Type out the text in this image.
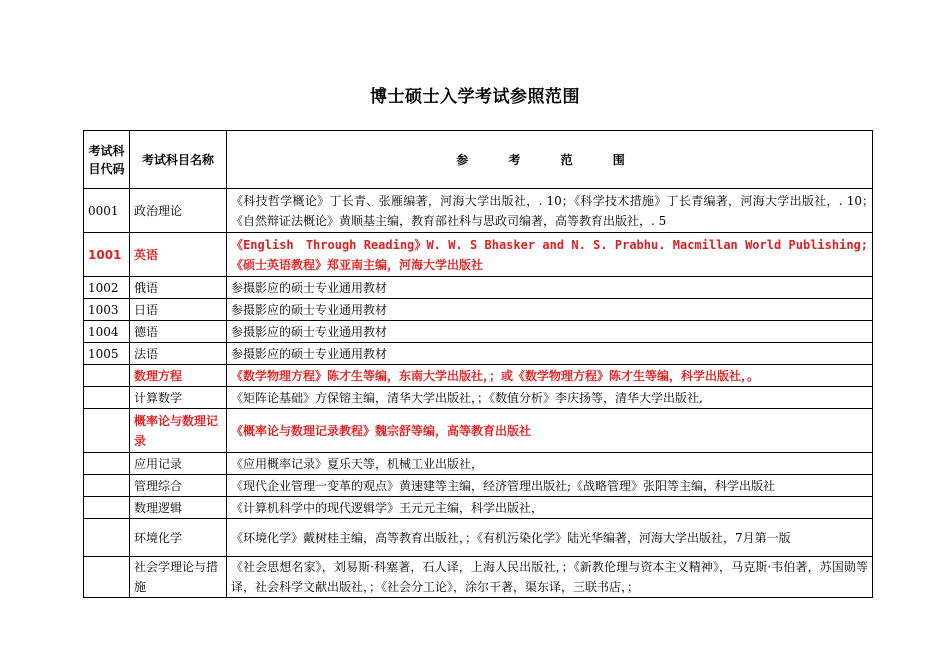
博士硕士入学考试参照范围
考试科目代码	考试科目名称	参 考 范 围
0001	政治理论	《科技哲学概论》丁长青、张雁编著，河海大学出版社，. 10；《科学技术措施》丁长青编著，河海大学出版社，. 10；　《自然辩证法概论》黄顺基主编，教育部社科与思政司编著，高等教育出版社，. 5
1001	英语	《English　Through Reading》W. W. S Bhasker and N. S. Prabhu. Macmillan World Publishing;《硕士英语教程》郑亚南主编，河海大学出版社
1002	俄语	参摄影应的硕士专业通用教材
1003	日语	参摄影应的硕士专业通用教材
1004	德语	参摄影应的硕士专业通用教材
1005	法语	参摄影应的硕士专业通用教材
	数理方程	《数学物理方程》陈才生等编，东南大学出版社，；或《数学物理方程》陈才生等编，科学出版社，。
	计算数学	《矩阵论基础》方保镕主编，清华大学出版社，；《数值分析》李庆扬等，清华大学出版社,
	概率论与数理记录	《概率论与数理记录教程》魏宗舒等编，高等教育出版社
	应用记录	《应用概率记录》夏乐天等，机械工业出版社，
	管理综合	《现代企业管理一变革的观点》黄速建等主编，经济管理出版社;《战略管理》张阳等主编，科学出版社
	数理逻辑	《计算机科学中的现代逻辑学》王元元主编，科学出版社，
	环境化学	《环境化学》戴树桂主编，高等教育出版社，；《有机污染化学》陆光华编著，河海大学出版社，7月第一版
	社会学理论与措施	《社会思想名家》，刘易斯·科塞著，石人译，上海人民出版社，；《新教伦理与资本主义精神》，马克斯·韦伯著，苏国勋等译，社会科学文献出版社，；《社会分工论》，涂尔干著，渠东译，三联书店，；
